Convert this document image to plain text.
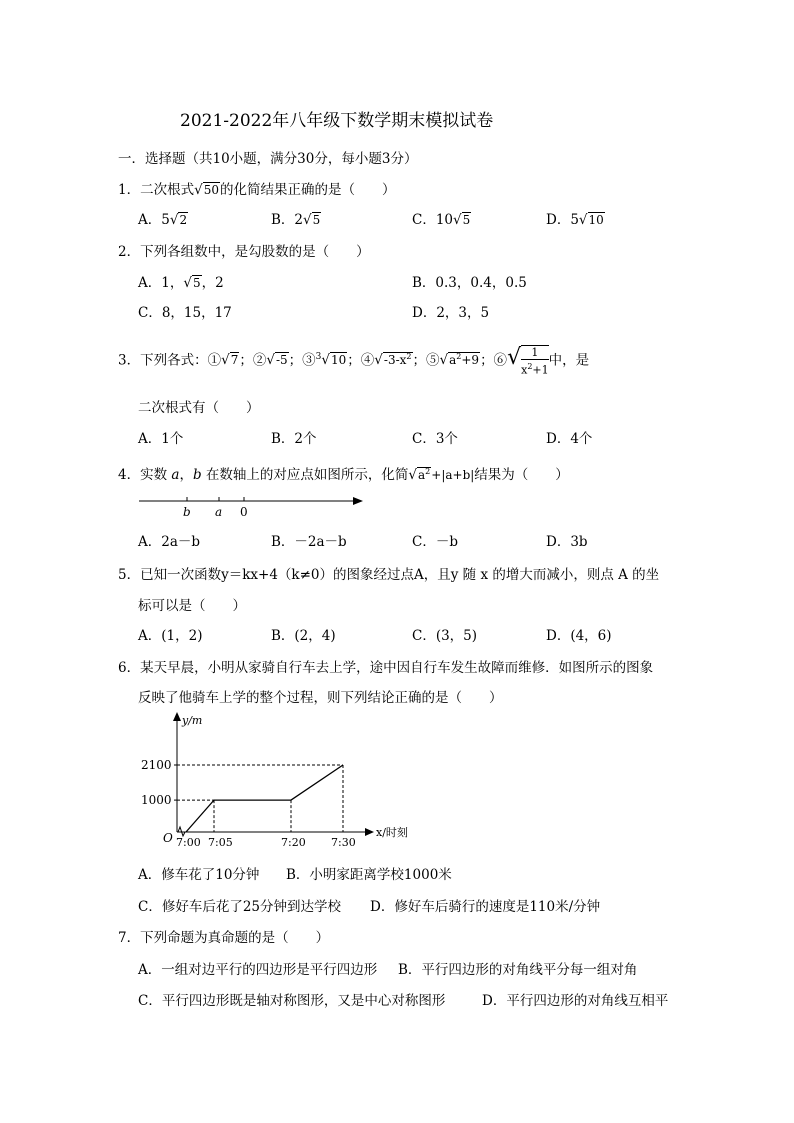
2021-2022年八年级下数学期末模拟试卷
一．选择题（共10小题，满分30分，每小题3分）
1．二次根式√50的化简结果正确的是（　　）
A．5√2	B．2√5	C．10√5	D．5√10
2．下列各组数中，是勾股数的是（　　）
A．1，√5，2	B．0.3，0.4，0.5
C．8，15，17	D．2，3，5
3．下列各式：①√7；②√-5；③$^3$√10；$④√-3-x^2$；$⑤√a^2+9$；⑥√ $\frac{1}{x^2+1}$ 中，是
二次根式有（　　）
A．1个	B．2个	C．3个	D．4个
4．实数 a，b 在数轴上的对应点如图所示，化简$√a^2+|a+b|$结果为（　　）
b a 0
A．2a－b	B．－2a－b	C．－b	D．3b
5．已知一次函数y＝kx+4（k≠0）的图象经过点A，且y 随 x 的增大而减小，则点 A 的坐
标可以是（　　）
A．(1，2)	B．(2，4)	C．(3，5)	D．(4，6)
6．某天早晨，小明从家骑自行车去上学，途中因自行车发生故障而维修．如图所示的图象
反映了他骑车上学的整个过程，则下列结论正确的是（　　）
y/m
x/时刻
O
1000
2100
7:00 7:05	7:20 7:30
A．修车花了10分钟 B．小明家距离学校1000米
C．修好车后花了25分钟到达学校 D．修好车后骑行的速度是110米/分钟
7．下列命题为真命题的是（　　）
A．一组对边平行的四边形是平行四边形 B．平行四边形的对角线平分每一组对角
C．平行四边形既是轴对称图形，又是中心对称图形	D．平行四边形的对角线互相平
